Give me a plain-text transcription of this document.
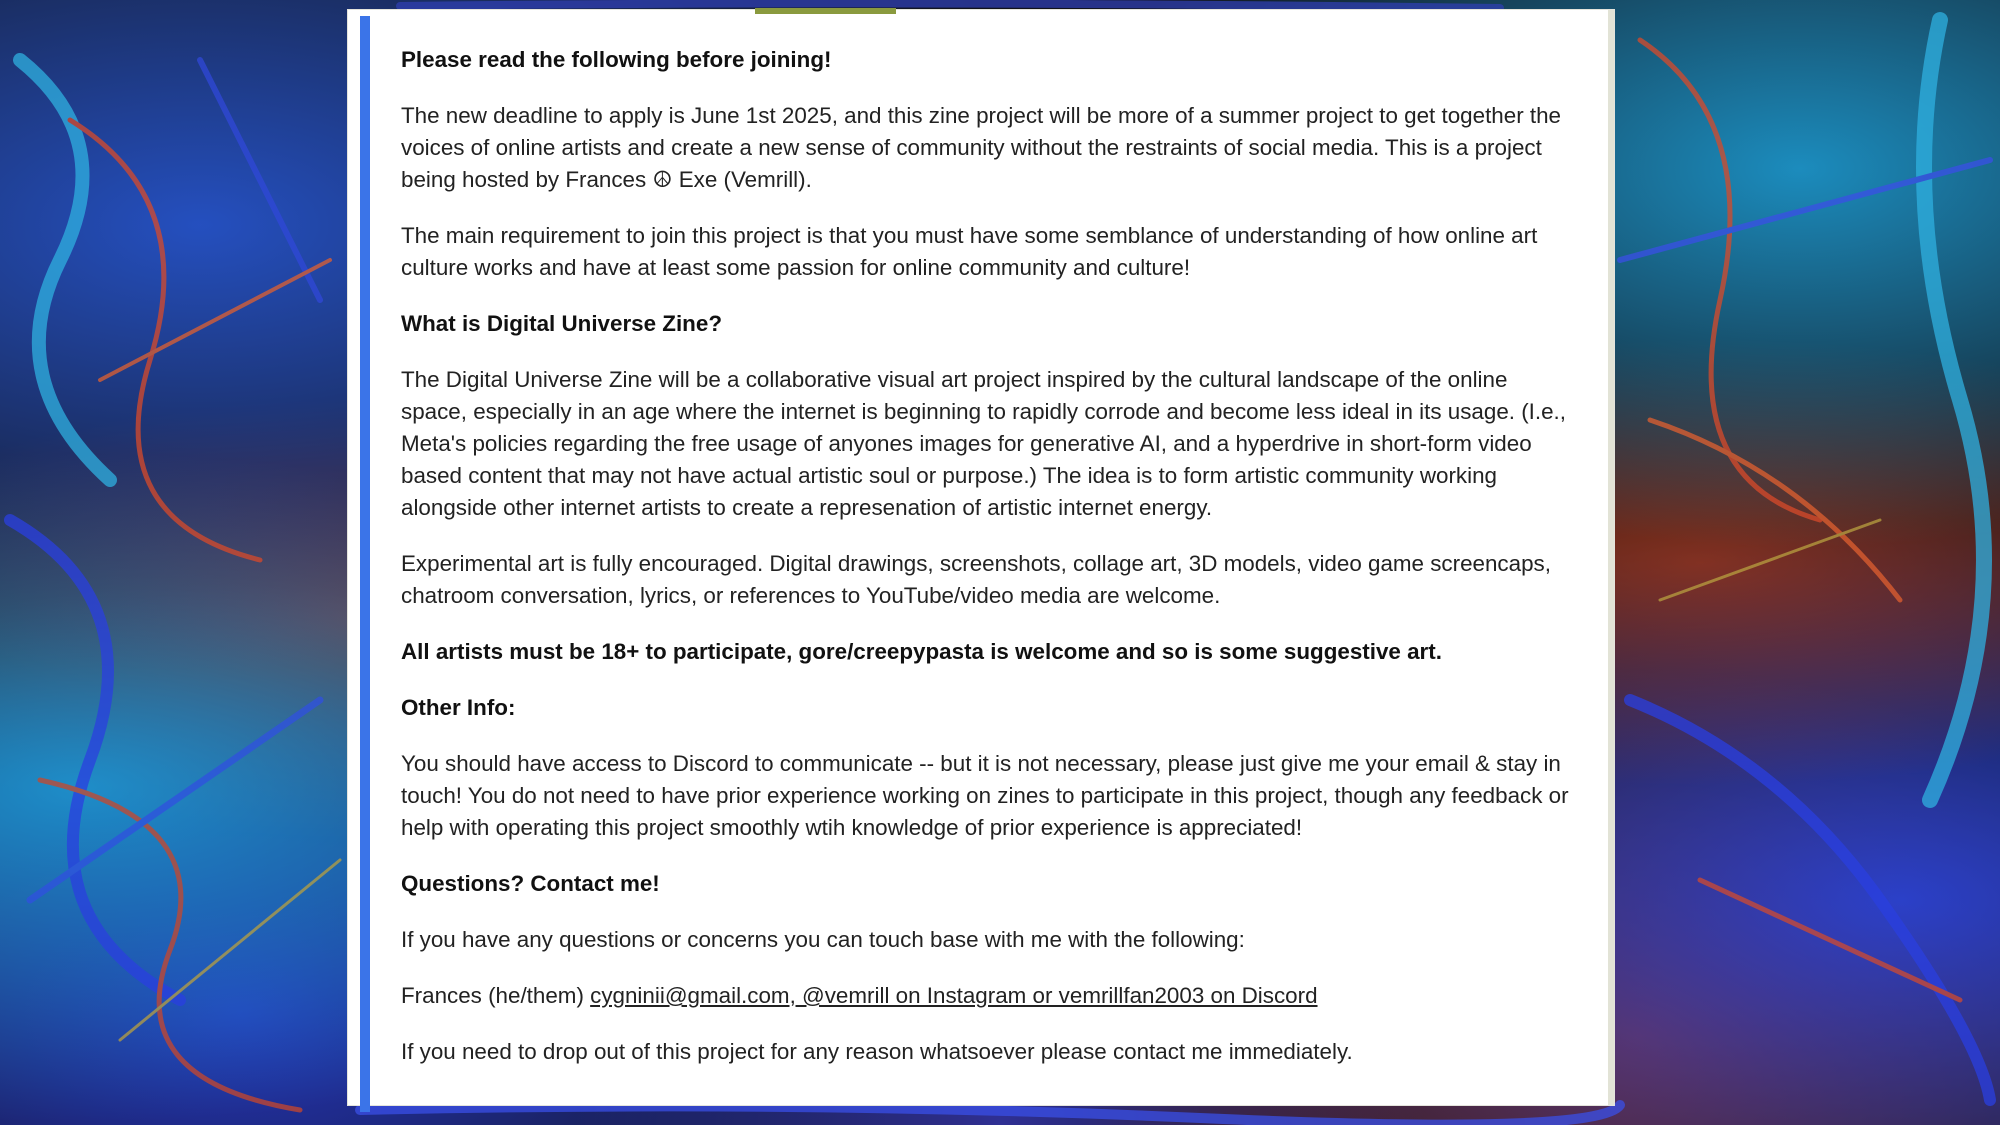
Please read the following before joining!

The new deadline to apply is June 1st 2025, and this zine project will be more of a summer project to get together the voices of online artists and create a new sense of community without the restraints of social media. This is a project being hosted by Frances ☮ Exe (Vemrill).

The main requirement to join this project is that you must have some semblance of understanding of how online art culture works and have at least some passion for online community and culture!

What is Digital Universe Zine?

The Digital Universe Zine will be a collaborative visual art project inspired by the cultural landscape of the online space, especially in an age where the internet is beginning to rapidly corrode and become less ideal in its usage. (I.e., Meta's policies regarding the free usage of anyones images for generative AI, and a hyperdrive in short-form video based content that may not have actual artistic soul or purpose.) The idea is to form artistic community working alongside other internet artists to create a represenation of artistic internet energy.

Experimental art is fully encouraged. Digital drawings, screenshots, collage art, 3D models, video game screencaps, chatroom conversation, lyrics, or references to YouTube/video media are welcome.

All artists must be 18+ to participate, gore/creepypasta is welcome and so is some suggestive art.

Other Info:

You should have access to Discord to communicate -- but it is not necessary, please just give me your email & stay in touch! You do not need to have prior experience working on zines to participate in this project, though any feedback or help with operating this project smoothly wtih knowledge of prior experience is appreciated!

Questions? Contact me!

If you have any questions or concerns you can touch base with me with the following:

Frances (he/them) cygninii@gmail.com, @vemrill on Instagram or vemrillfan2003 on Discord

If you need to drop out of this project for any reason whatsoever please contact me immediately.
